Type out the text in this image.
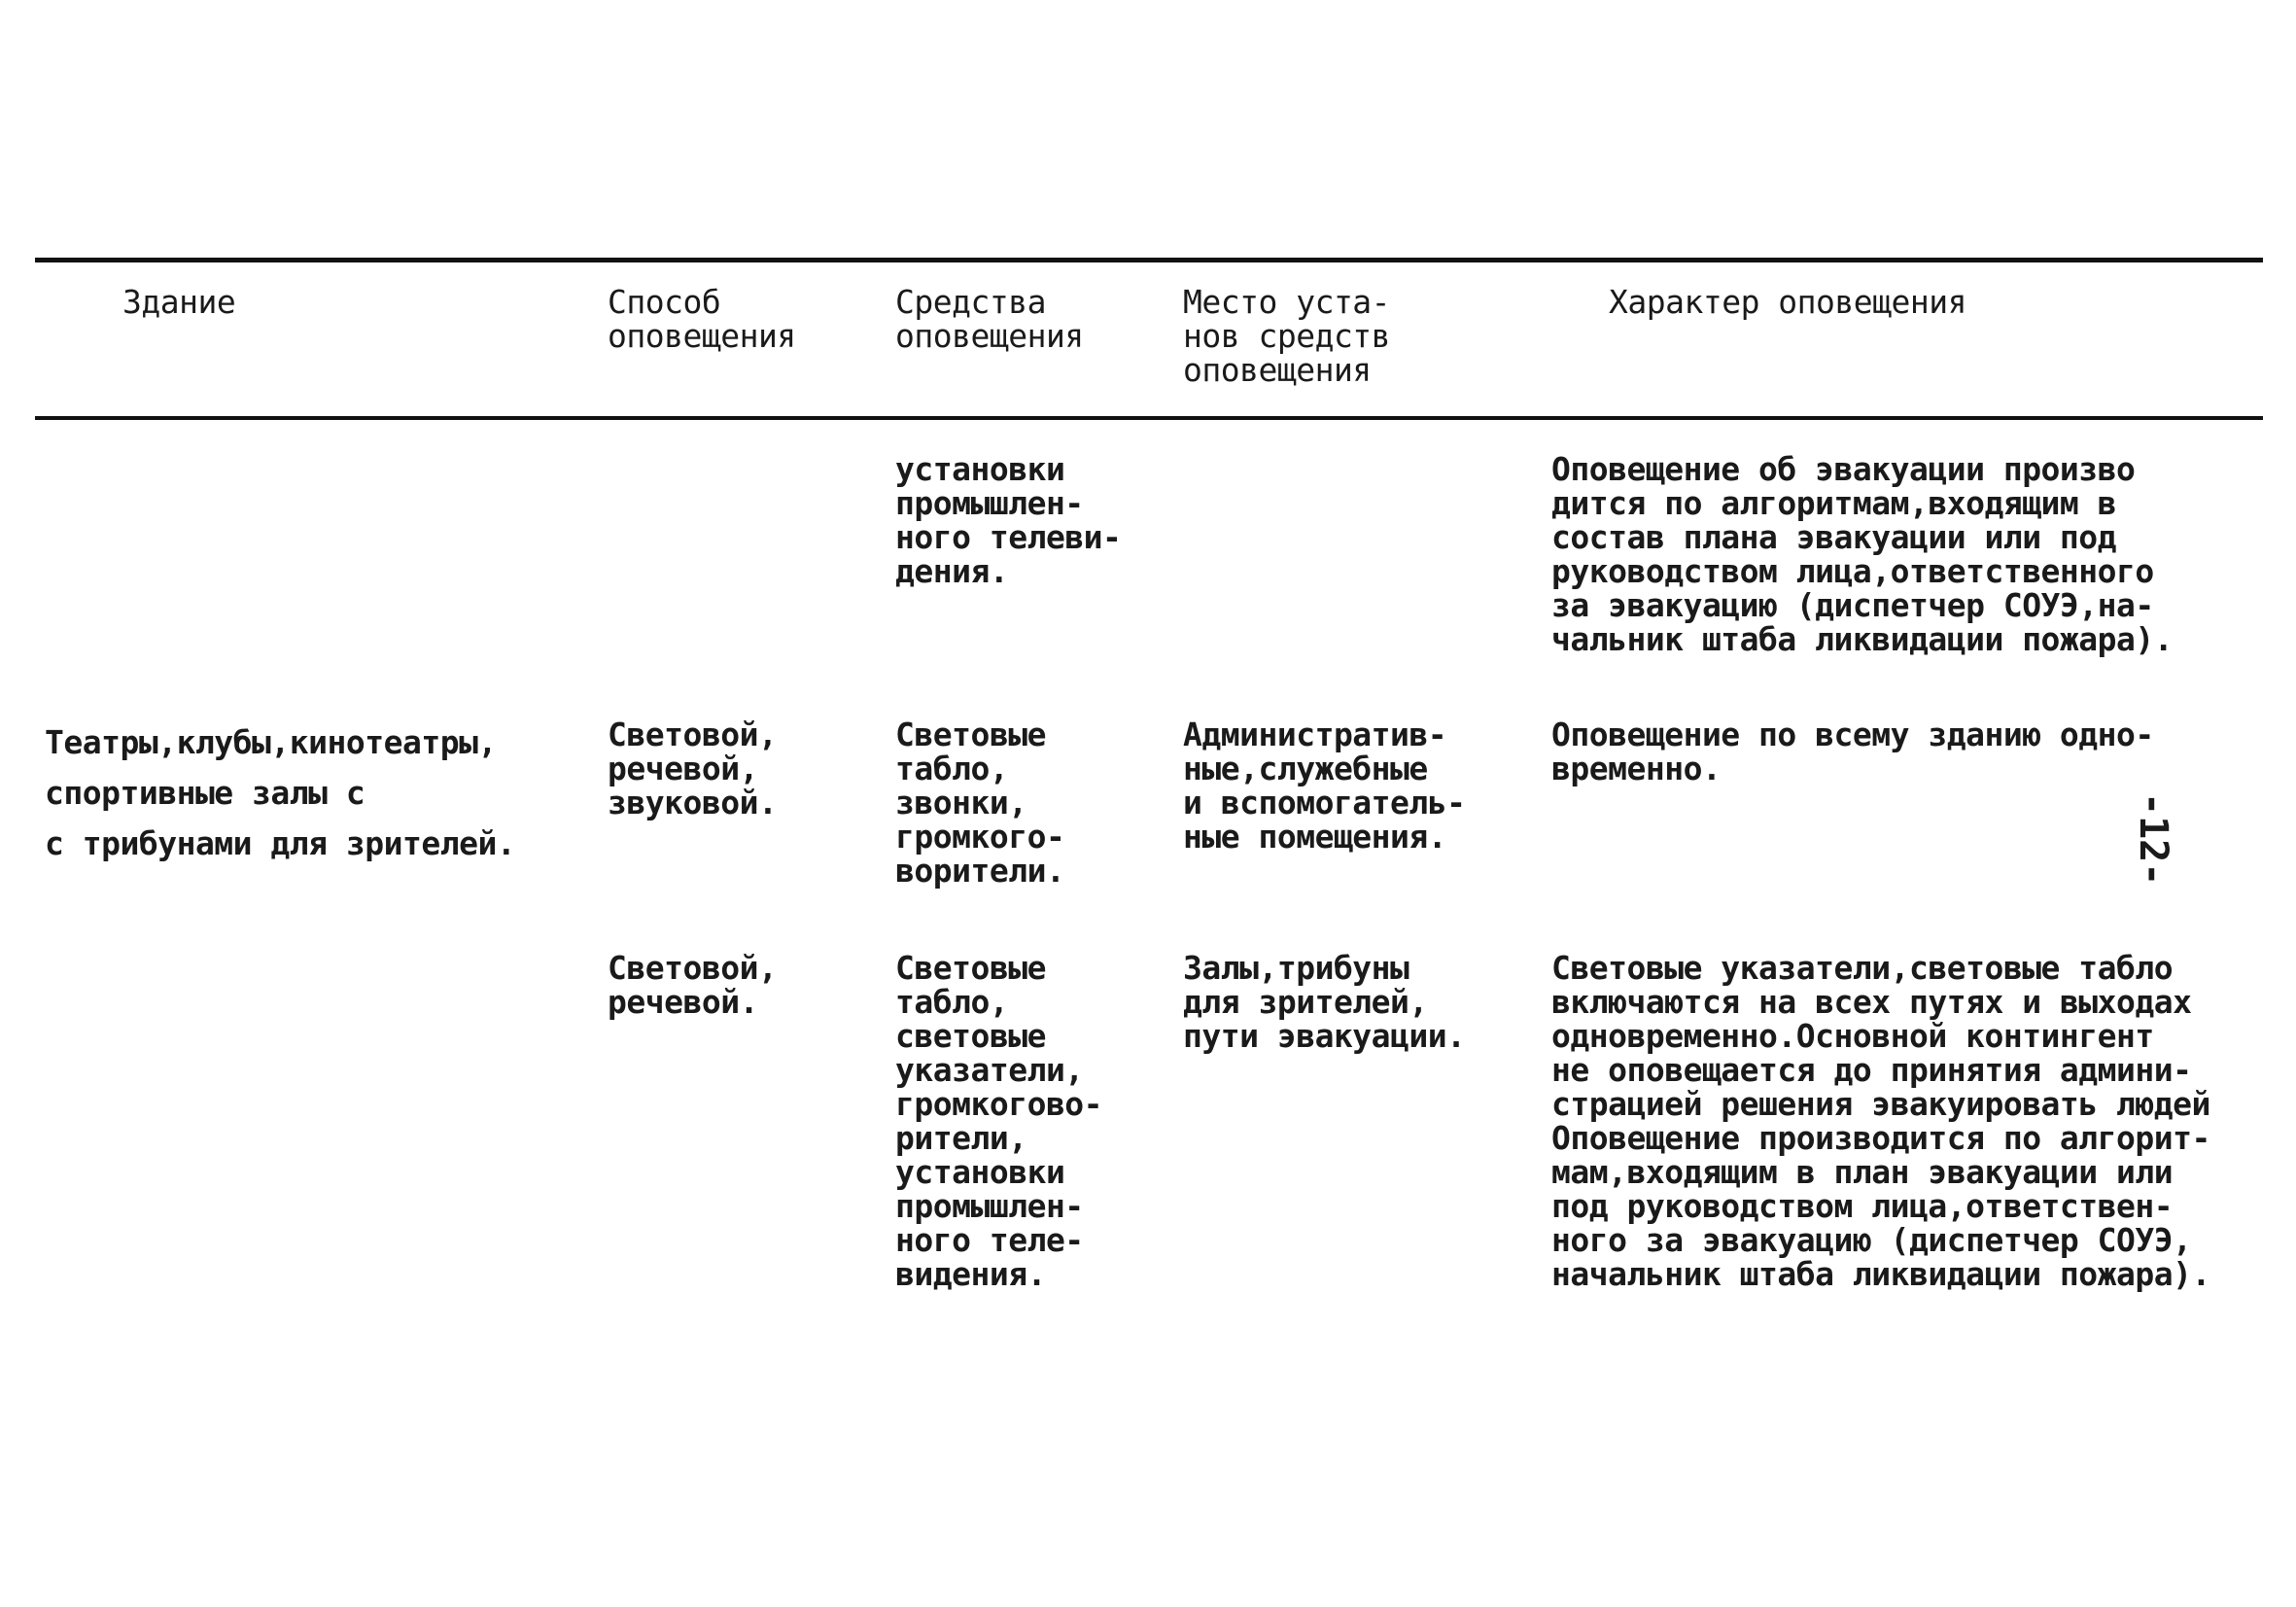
Здание	Способ
оповещения
Средства
оповещения
Место уста-
нов средств
оповещения
Характер оповещения
установки
промышлен-
ного телеви-
дения.
Оповещение об эвакуации произво
дится по алгоритмам,входящим в
состав плана эвакуации или под
руководством лица,ответственного
за эвакуацию (диспетчер СОУЭ,на-
чальник штаба ликвидации пожара).
Театры,клубы,кинотеатры,
спортивные залы с
с трибунами для зрителей.
Световой,
речевой,
звуковой.
Световые
табло,
звонки,
громкого-
ворители.
Административ-
ные,служебные
и вспомогатель-
ные помещения.
Оповещение по всему зданию одно-
временно.
Световой,
речевой.
Световые
табло,
световые
указатели,
громкогово-
рители,
установки
промышлен-
ного теле-
видения.
Залы,трибуны
для зрителей,
пути эвакуации.
Световые указатели,световые табло
включаются на всех путях и выходах
одновременно.Основной контингент
не оповещается до принятия админи-
страцией решения эвакуировать людей
Оповещение производится по алгорит-
мам,входящим в план эвакуации или
под руководством лица,ответствен-
ного за эвакуацию (диспетчер СОУЭ,
начальник штаба ликвидации пожара).
-12-
